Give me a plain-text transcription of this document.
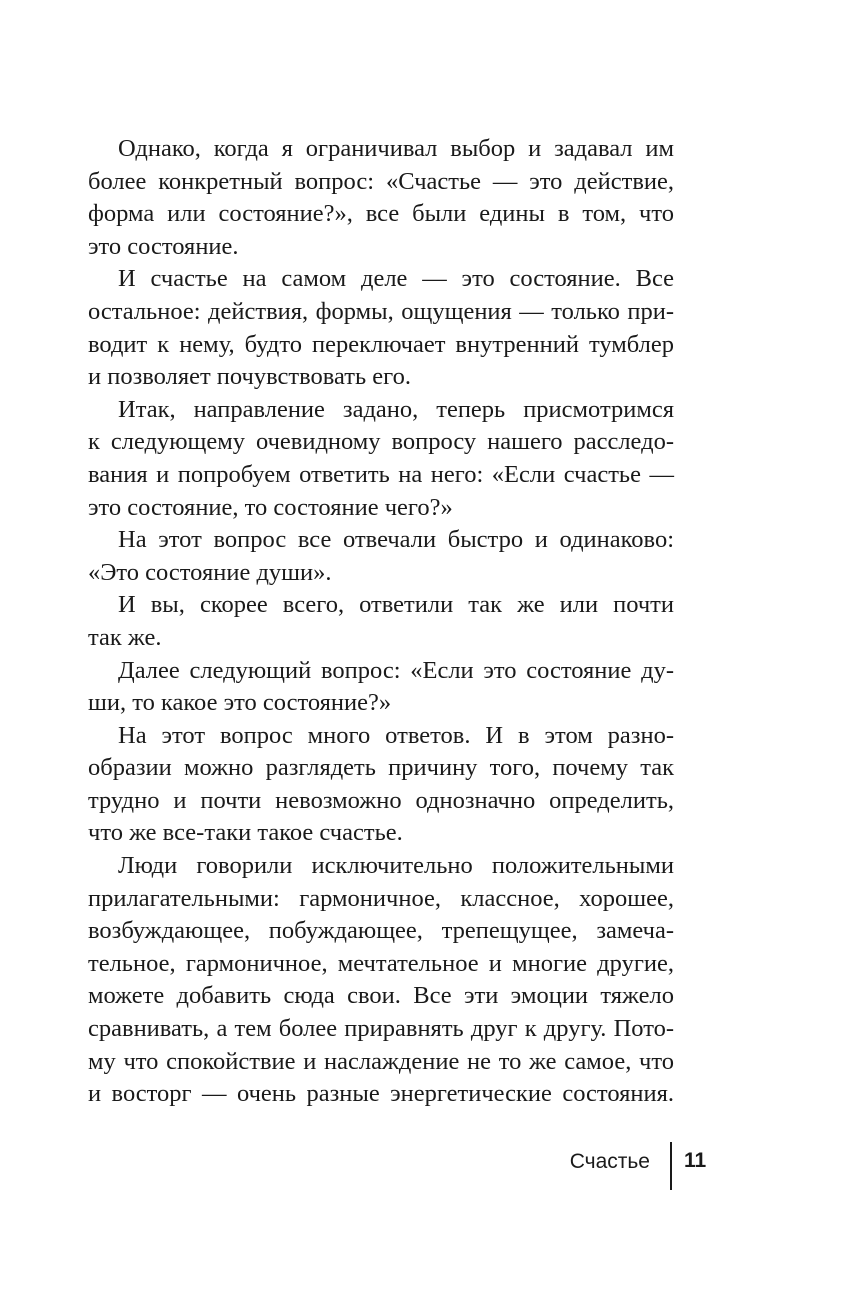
Однако, когда я ограничивал выбор и задавал им
более конкретный вопрос: «Счастье — это действие,
форма или состояние?», все были едины в том, что
это состояние.
И счастье на самом деле — это состояние. Все
остальное: действия, формы, ощущения — только при-
водит к нему, будто переключает внутренний тумблер
и позволяет почувствовать его.
Итак, направление задано, теперь присмотримся
к следующему очевидному вопросу нашего расследо-
вания и попробуем ответить на него: «Если счастье —
это состояние, то состояние чего?»
На этот вопрос все отвечали быстро и одинаково:
«Это состояние души».
И вы, скорее всего, ответили так же или почти
так же.
Далее следующий вопрос: «Если это состояние ду-
ши, то какое это состояние?»
На этот вопрос много ответов. И в этом разно-
образии можно разглядеть причину того, почему так
трудно и почти невозможно однозначно определить,
что же все-таки такое счастье.
Люди говорили исключительно положительными
прилагательными: гармоничное, классное, хорошее,
возбуждающее, побуждающее, трепещущее, замеча-
тельное, гармоничное, мечтательное и многие другие,
можете добавить сюда свои. Все эти эмоции тяжело
сравнивать, а тем более приравнять друг к другу. Пото-
му что спокойствие и наслаждение не то же самое, что
и восторг — очень разные энергетические состояния.
Счастье 11
